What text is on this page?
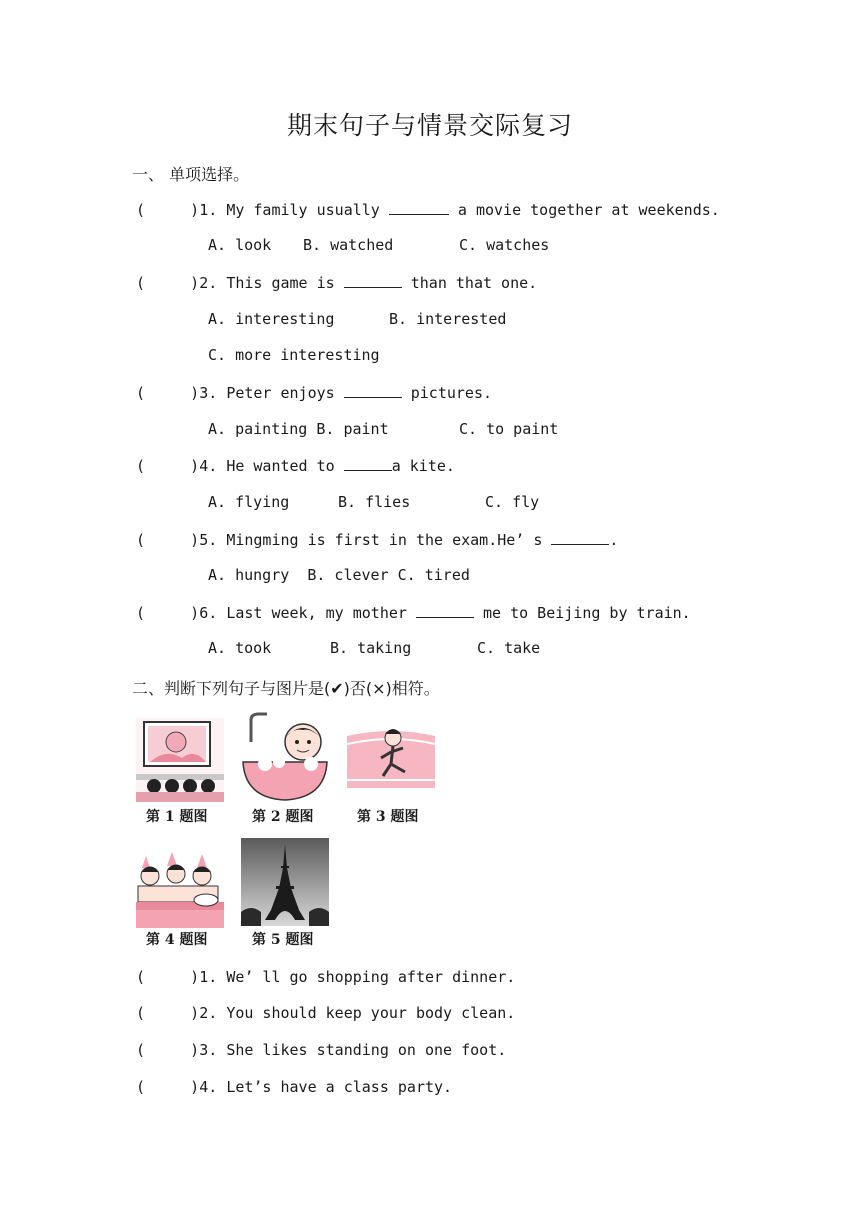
期末句子与情景交际复习
一、 单项选择。
(     )1. My family usually	a movie together at weekends.
A. look B. watched	C. watches
(     )2. This game is	than that one.
A. interesting	B. interested
C. more interesting
(     )3. Peter enjoys	pictures.
A. painting B. paint	C. to paint
(     )4. He wanted to	a kite.
A. flying	B. flies	C. fly
(     )5. Mingming is first in the exam.He’ s	.
A. hungry  B. clever C. tired
(     )6. Last week, my mother	me to Beijing by train.
A. took	B. taking	C. take
二、判断下列句子与图片是(✔)否(×)相符。
第 1 题图	第 2 题图	第 3 题图
第 4 题图	第 5 题图
(     )1. We’ ll go shopping after dinner.
(     )2. You should keep your body clean.
(     )3. She likes standing on one foot.
(     )4. Let’s have a class party.
